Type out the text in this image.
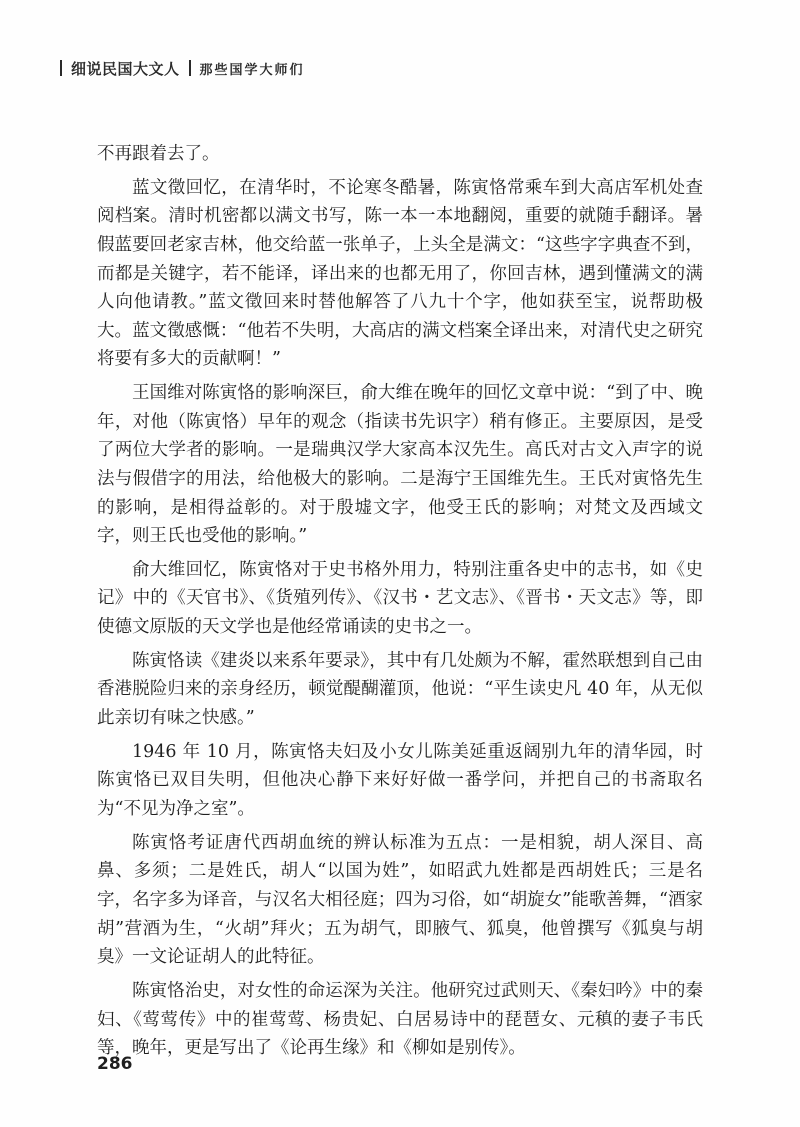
细说民国大文人 那些国学大师们

不再跟着去了。

蓝文徵回忆，在清华时，不论寒冬酷暑，陈寅恪常乘车到大高店军机处查阅档案。清时机密都以满文书写，陈一本一本地翻阅，重要的就随手翻译。暑假蓝要回老家吉林，他交给蓝一张单子，上头全是满文：“这些字字典查不到，而都是关键字，若不能译，译出来的也都无用了，你回吉林，遇到懂满文的满人向他请教。”蓝文徵回来时替他解答了八九十个字，他如获至宝，说帮助极大。蓝文徵感慨：“他若不失明，大高店的满文档案全译出来，对清代史之研究将要有多大的贡献啊！”

王国维对陈寅恪的影响深巨，俞大维在晚年的回忆文章中说：“到了中、晚年，对他（陈寅恪）早年的观念（指读书先识字）稍有修正。主要原因，是受了两位大学者的影响。一是瑞典汉学大家高本汉先生。高氏对古文入声字的说法与假借字的用法，给他极大的影响。二是海宁王国维先生。王氏对寅恪先生的影响，是相得益彰的。对于殷墟文字，他受王氏的影响；对梵文及西域文字，则王氏也受他的影响。”

俞大维回忆，陈寅恪对于史书格外用力，特别注重各史中的志书，如《史记》中的《天官书》、《货殖列传》、《汉书・艺文志》、《晋书・天文志》等，即使德文原版的天文学也是他经常诵读的史书之一。

陈寅恪读《建炎以来系年要录》，其中有几处颇为不解，霍然联想到自己由香港脱险归来的亲身经历，顿觉醍醐灌顶，他说：“平生读史凡 40 年，从无似此亲切有味之快感。”

1946 年 10 月，陈寅恪夫妇及小女儿陈美延重返阔别九年的清华园，时陈寅恪已双目失明，但他决心静下来好好做一番学问，并把自己的书斋取名为“不见为净之室”。

陈寅恪考证唐代西胡血统的辨认标准为五点：一是相貌，胡人深目、高鼻、多须；二是姓氏，胡人“以国为姓”，如昭武九姓都是西胡姓氏；三是名字，名字多为译音，与汉名大相径庭；四为习俗，如“胡旋女”能歌善舞，“酒家胡”营酒为生，“火胡”拜火；五为胡气，即腋气、狐臭，他曾撰写《狐臭与胡臭》一文论证胡人的此特征。

陈寅恪治史，对女性的命运深为关注。他研究过武则天、《秦妇吟》中的秦妇、《莺莺传》中的崔莺莺、杨贵妃、白居易诗中的琵琶女、元稹的妻子韦氏等，晚年，更是写出了《论再生缘》和《柳如是别传》。

286
